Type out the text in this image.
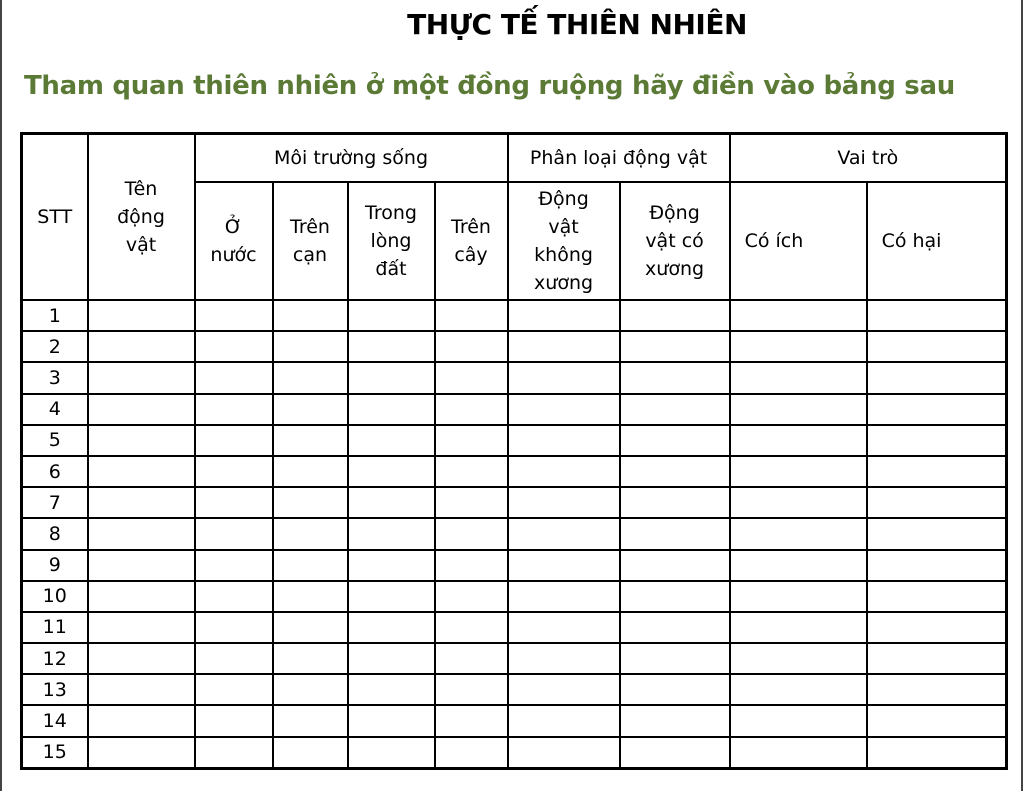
THỰC TẾ THIÊN NHIÊN
Tham quan thiên nhiên ở một đồng ruộng hãy điền vào bảng sau
STT	Tên động vật	Môi trường sống				Phân loại động vật		Vai trò	
		Ở nước	Trên cạn	Trong lòng đất	Trên cây	Động vật không xương	Động vật có xương	Có ích	Có hại
1									
2									
3									
4									
5									
6									
7									
8									
9									
10									
11									
12									
13									
14									
15									
